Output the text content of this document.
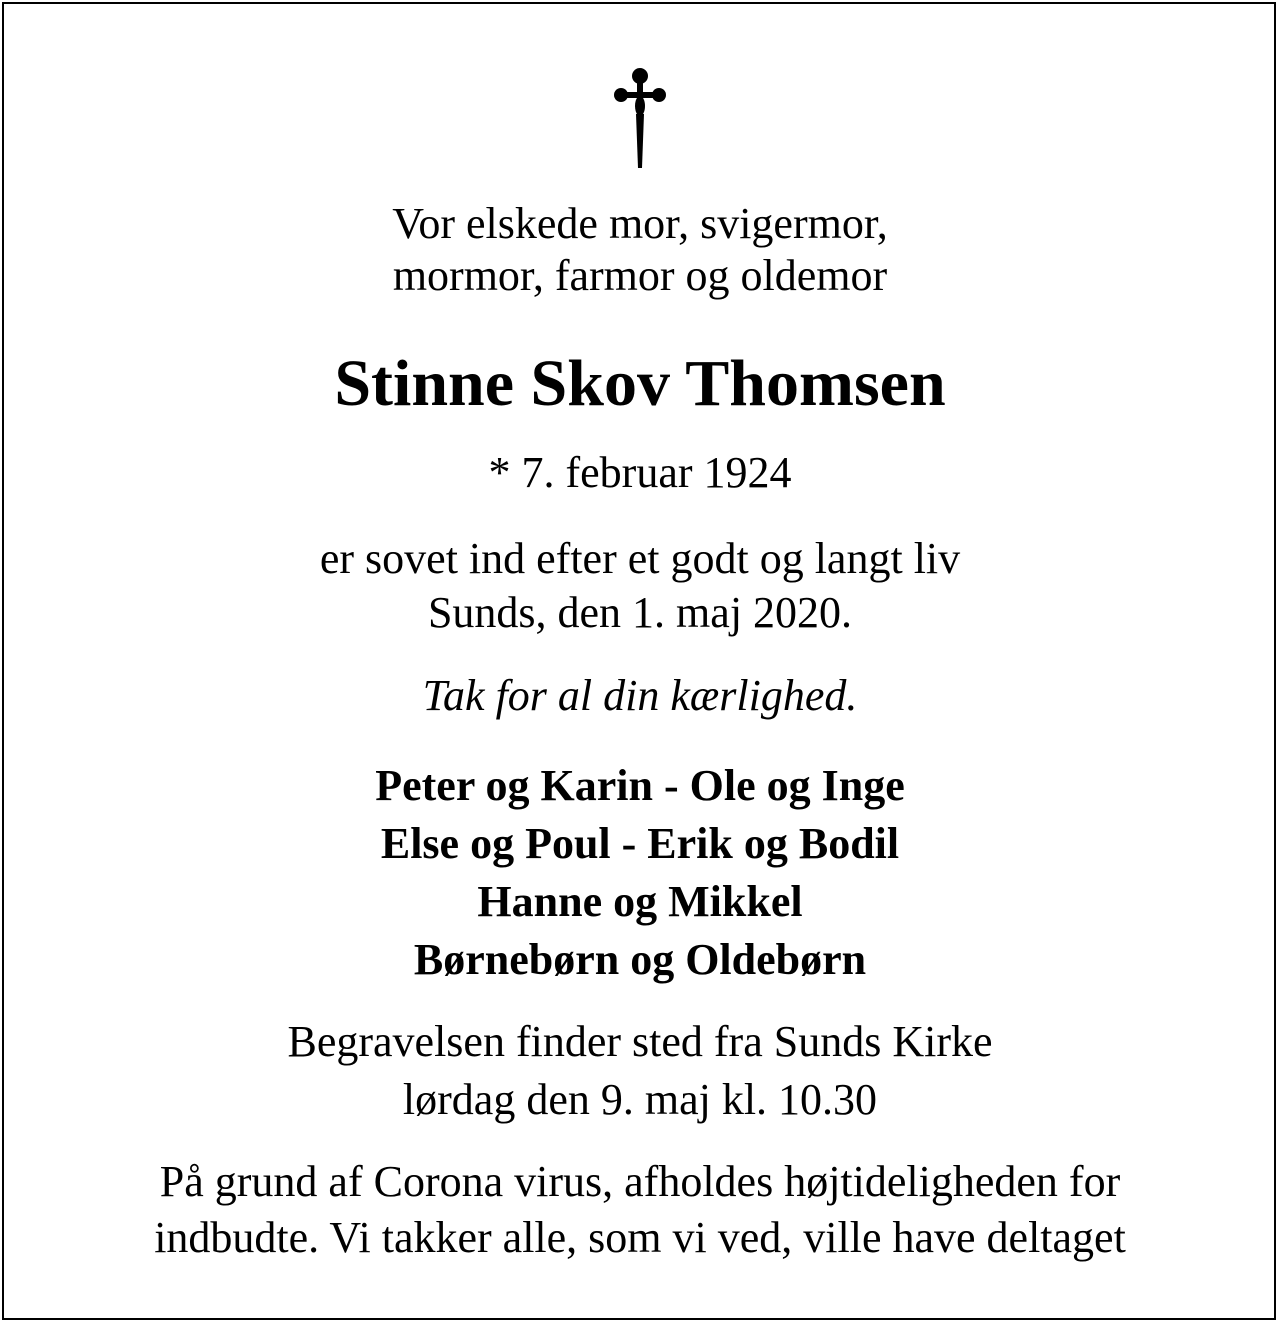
Vor elskede mor, svigermor,
mormor, farmor og oldemor
Stinne Skov Thomsen
* 7. februar 1924
er sovet ind efter et godt og langt liv
Sunds, den 1. maj 2020.
Tak for al din kærlighed.
Peter og Karin - Ole og Inge
Else og Poul - Erik og Bodil
Hanne og Mikkel
Børnebørn og Oldebørn
Begravelsen finder sted fra Sunds Kirke
lørdag den 9. maj kl. 10.30
På grund af Corona virus, afholdes højtideligheden for
indbudte. Vi takker alle, som vi ved, ville have deltaget
